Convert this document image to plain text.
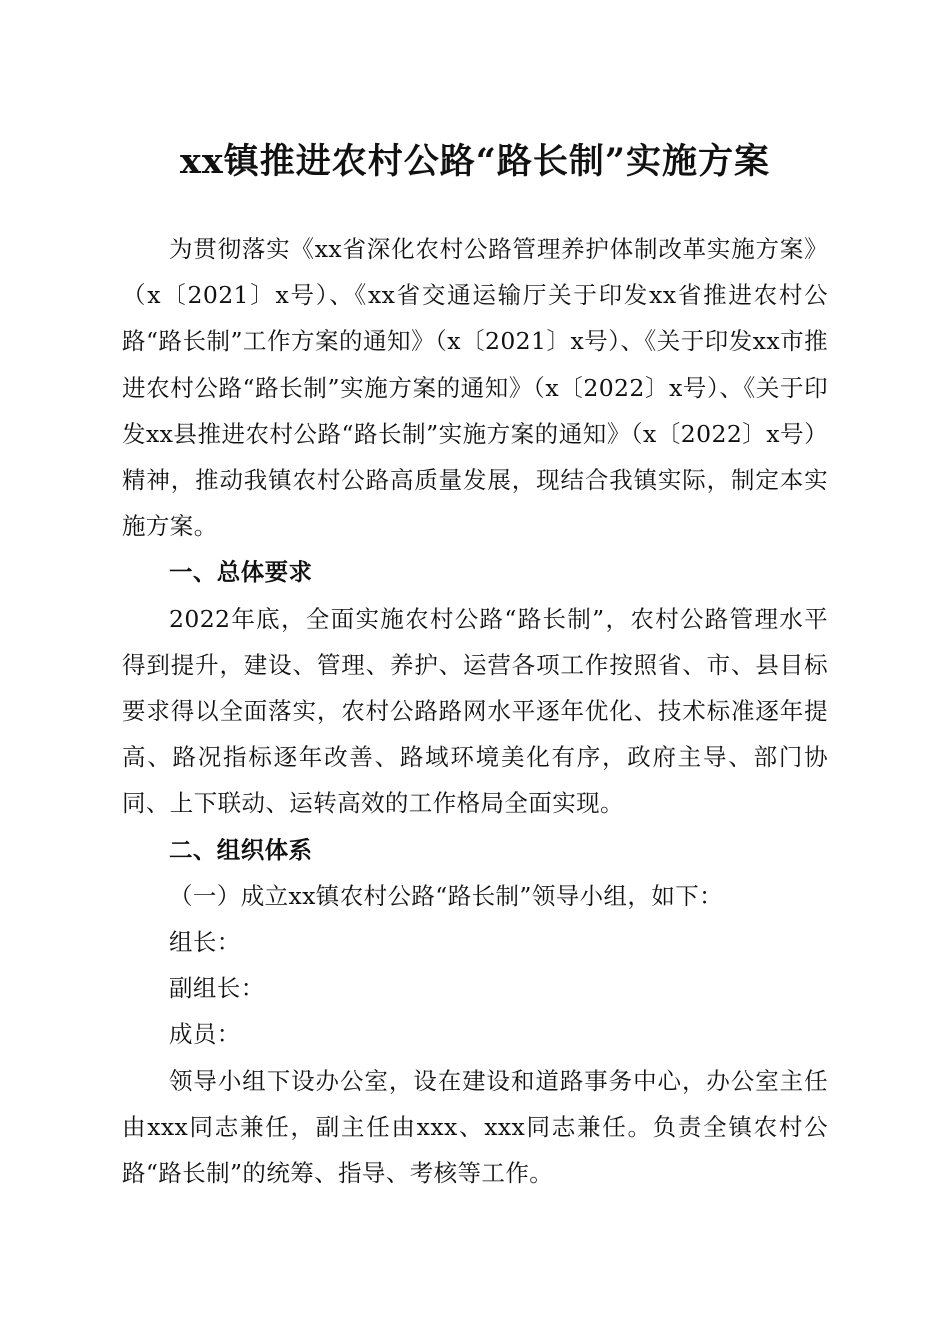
xx镇推进农村公路“路长制”实施方案

为贯彻落实《xx省深化农村公路管理养护体制改革实施方案》（x〔2021〕x号）、《xx省交通运输厅关于印发xx省推进农村公路“路长制”工作方案的通知》（x〔2021〕x号）、《关于印发xx市推进农村公路“路长制”实施方案的通知》（x〔2022〕x号）、《关于印发xx县推进农村公路“路长制”实施方案的通知》（x〔2022〕x号）精神，推动我镇农村公路高质量发展，现结合我镇实际，制定本实施方案。

一、总体要求

2022年底，全面实施农村公路“路长制”，农村公路管理水平得到提升，建设、管理、养护、运营各项工作按照省、市、县目标要求得以全面落实，农村公路路网水平逐年优化、技术标准逐年提高、路况指标逐年改善、路域环境美化有序，政府主导、部门协同、上下联动、运转高效的工作格局全面实现。

二、组织体系

（一）成立xx镇农村公路“路长制”领导小组，如下：

组长：

副组长：

成员：

领导小组下设办公室，设在建设和道路事务中心，办公室主任由xxx同志兼任，副主任由xxx、xxx同志兼任。负责全镇农村公路“路长制”的统筹、指导、考核等工作。
